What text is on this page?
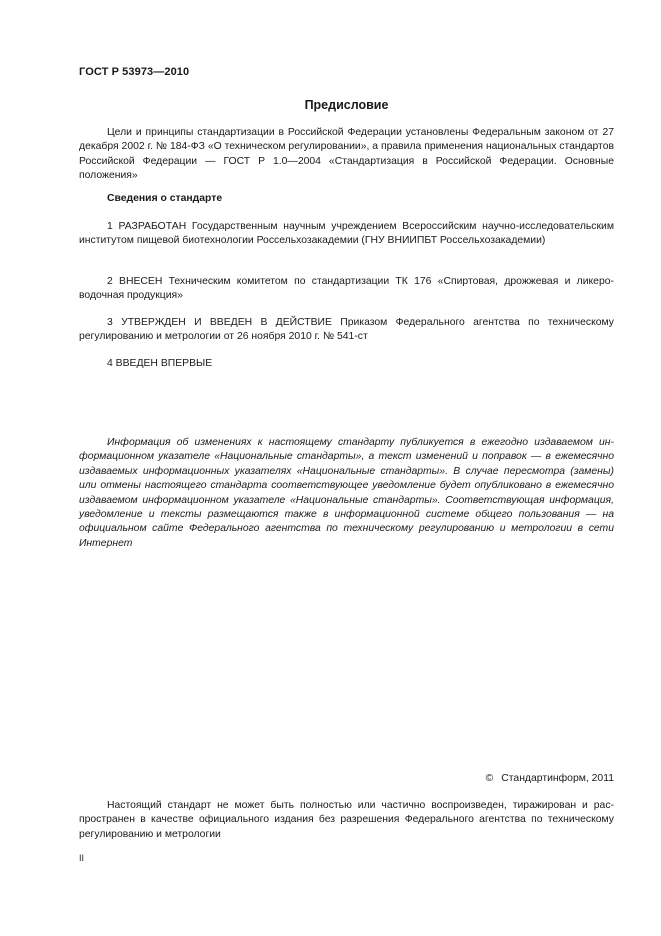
ГОСТ Р 53973—2010
Предисловие
Цели и принципы стандартизации в Российской Федерации установлены Федеральным законом от 27 декабря 2002 г. № 184-ФЗ «О техническом регулировании», а правила применения национальных стандартов Российской Федерации — ГОСТ Р 1.0—2004 «Стандартизация в Российской Федерации. Основные положения»
Сведения о стандарте
1 РАЗРАБОТАН Государственным научным учреждением Всероссийским научно-исследовательским институтом пищевой биотехнологии Россельхозакадемии (ГНУ ВНИИПБТ Россельхозакадемии)
2 ВНЕСЕН Техническим комитетом по стандартизации ТК 176 «Спиртовая, дрожжевая и ликероводочная продукция»
3 УТВЕРЖДЕН И ВВЕДЕН В ДЕЙСТВИЕ Приказом Федерального агентства по техническому регулированию и метрологии от 26 ноября 2010 г. № 541-ст
4 ВВЕДЕН ВПЕРВЫЕ
Информация об изменениях к настоящему стандарту публикуется в ежегодно издаваемом информационном указателе «Национальные стандарты», а текст изменений и поправок — в ежемесячно издаваемых информационных указателях «Национальные стандарты». В случае пересмотра (замены) или отмены настоящего стандарта соответствующее уведомление будет опубликовано в ежемесячно издаваемом информационном указателе «Национальные стандарты». Соответствующая информация, уведомление и тексты размещаются также в информационной системе общего пользования — на официальном сайте Федерального агентства по техническому регулированию и метрологии в сети Интернет
© Стандартинформ, 2011
Настоящий стандарт не может быть полностью или частично воспроизведен, тиражирован и распространен в качестве официального издания без разрешения Федерального агентства по техническому регулированию и метрологии
II
